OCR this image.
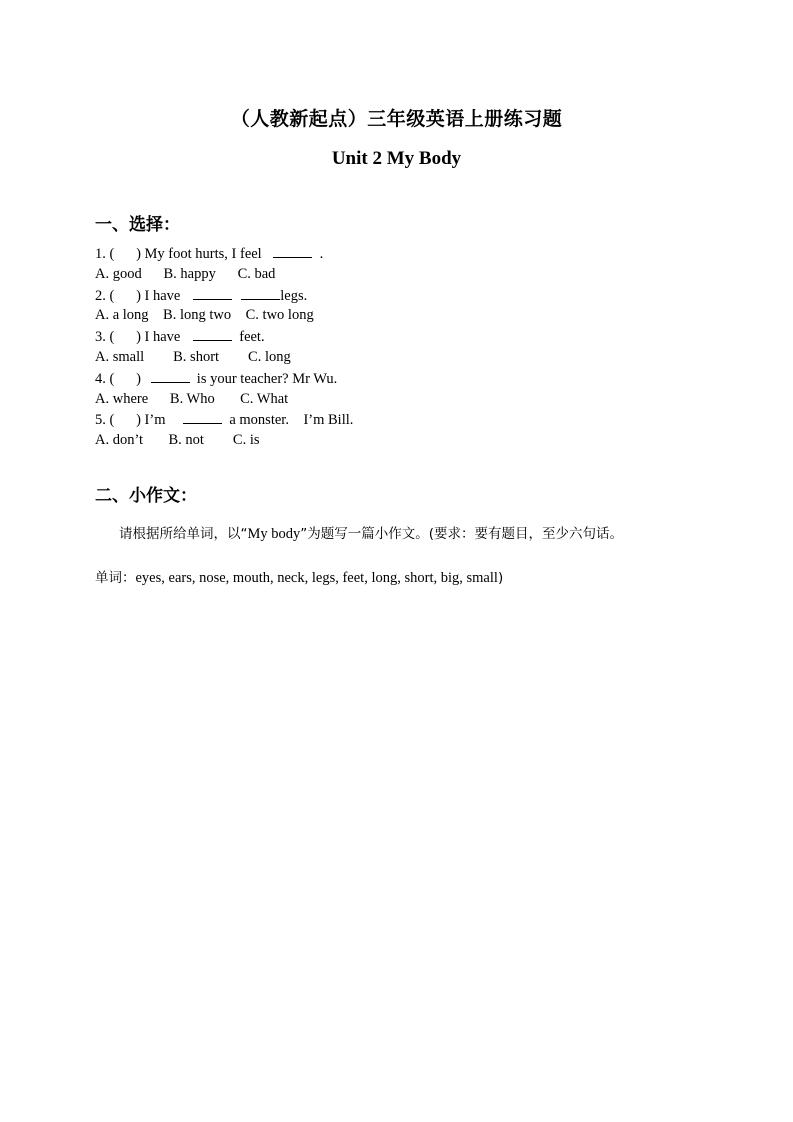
（人教新起点）三年级英语上册练习题
Unit 2 My Body
一、选择：
1. (      ) My foot hurts, I feel	.
A. good      B. happy      C. bad
2. (      ) I have	legs.
A. a long    B. long two    C. two long
3. (      ) I have	feet.
A. small        B. short        C. long
4. (      )	is your teacher? Mr Wu.
A. where      B. Who       C. What
5. (      ) I’m	a monster.    I’m Bill.
A. don’t       B. not        C. is
二、小作文：
请根据所给单词，以“My body”为题写一篇小作文。(要求：要有题目，至少六句话。
单词：eyes, ears, nose, mouth, neck, legs, feet, long, short, big, small)
